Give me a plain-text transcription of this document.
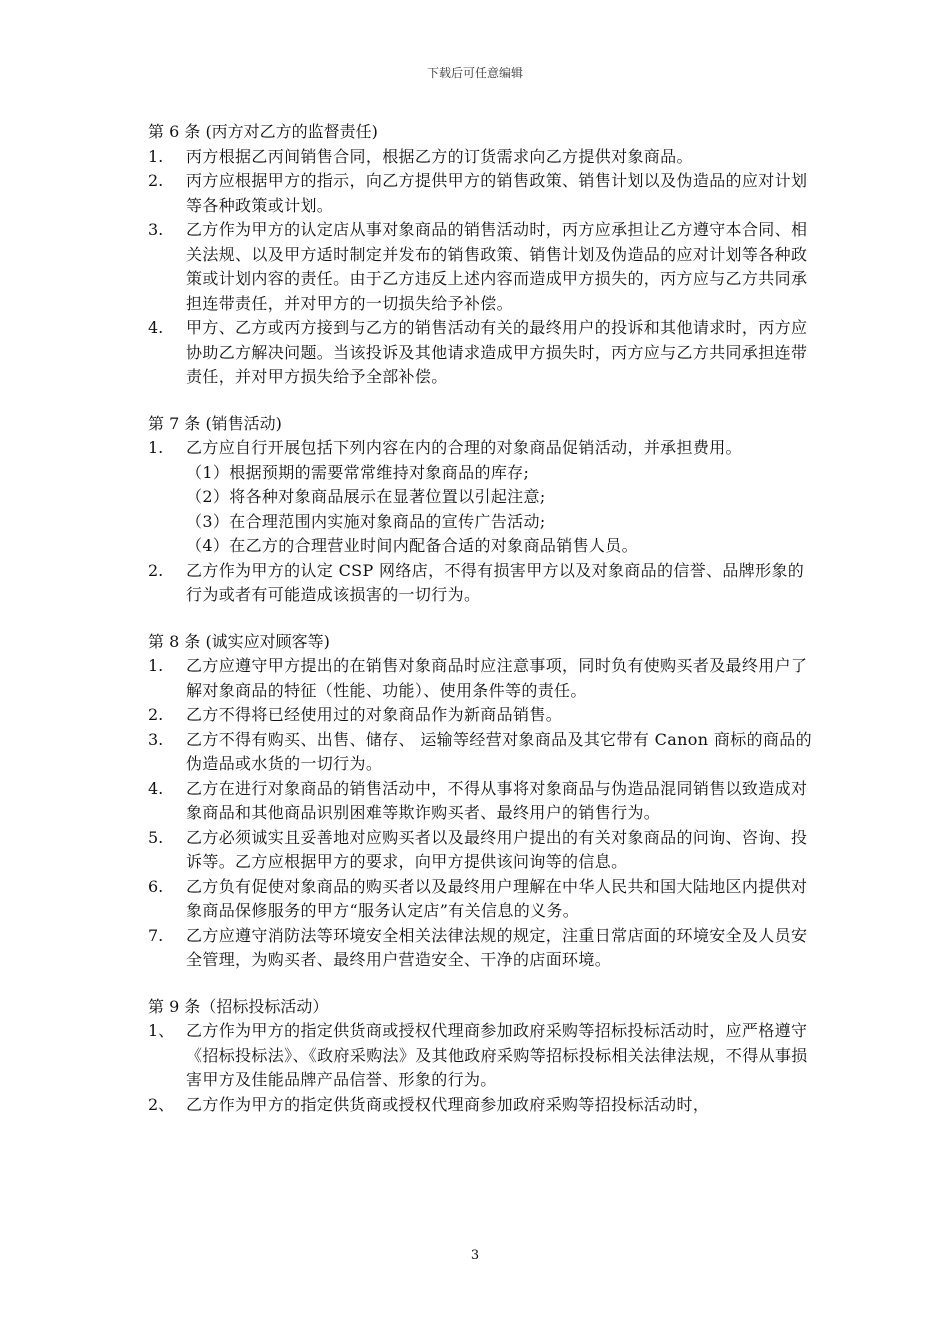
下载后可任意编辑
第 6 条 (丙方对乙方的监督责任)
1.	丙方根据乙丙间销售合同，根据乙方的订货需求向乙方提供对象商品。
2.	丙方应根据甲方的指示，向乙方提供甲方的销售政策、销售计划以及伪造品的应对计划等各种政策或计划。
3.	乙方作为甲方的认定店从事对象商品的销售活动时，丙方应承担让乙方遵守本合同、相关法规、以及甲方适时制定并发布的销售政策、销售计划及伪造品的应对计划等各种政策或计划内容的责任。由于乙方违反上述内容而造成甲方损失的，丙方应与乙方共同承担连带责任，并对甲方的一切损失给予补偿。
4.	甲方、乙方或丙方接到与乙方的销售活动有关的最终用户的投诉和其他请求时，丙方应协助乙方解决问题。当该投诉及其他请求造成甲方损失时，丙方应与乙方共同承担连带责任，并对甲方损失给予全部补偿。
第 7 条 (销售活动)
1.	乙方应自行开展包括下列内容在内的合理的对象商品促销活动，并承担费用。
（1）根据预期的需要常常维持对象商品的库存;
（2）将各种对象商品展示在显著位置以引起注意;
（3）在合理范围内实施对象商品的宣传广告活动;
（4）在乙方的合理营业时间内配备合适的对象商品销售人员。
2.	乙方作为甲方的认定 CSP 网络店，不得有损害甲方以及对象商品的信誉、品牌形象的行为或者有可能造成该损害的一切行为。
第 8 条 (诚实应对顾客等)
1.	乙方应遵守甲方提出的在销售对象商品时应注意事项，同时负有使购买者及最终用户了解对象商品的特征（性能、功能）、使用条件等的责任。
2.	乙方不得将已经使用过的对象商品作为新商品销售。
3.	乙方不得有购买、出售、储存、 运输等经营对象商品及其它带有 Canon 商标的商品的伪造品或水货的一切行为。
4.	乙方在进行对象商品的销售活动中，不得从事将对象商品与伪造品混同销售以致造成对象商品和其他商品识别困难等欺诈购买者、最终用户的销售行为。
5.	乙方必须诚实且妥善地对应购买者以及最终用户提出的有关对象商品的问询、咨询、投诉等。乙方应根据甲方的要求，向甲方提供该问询等的信息。
6.	乙方负有促使对象商品的购买者以及最终用户理解在中华人民共和国大陆地区内提供对象商品保修服务的甲方“服务认定店”有关信息的义务。
7.	乙方应遵守消防法等环境安全相关法律法规的规定，注重日常店面的环境安全及人员安全管理，为购买者、最终用户营造安全、干净的店面环境。
第 9 条（招标投标活动）
1、 乙方作为甲方的指定供货商或授权代理商参加政府采购等招标投标活动时，应严格遵守《招标投标法》、《政府采购法》及其他政府采购等招标投标相关法律法规，不得从事损害甲方及佳能品牌产品信誉、形象的行为。
2、 乙方作为甲方的指定供货商或授权代理商参加政府采购等招投标活动时，
3
